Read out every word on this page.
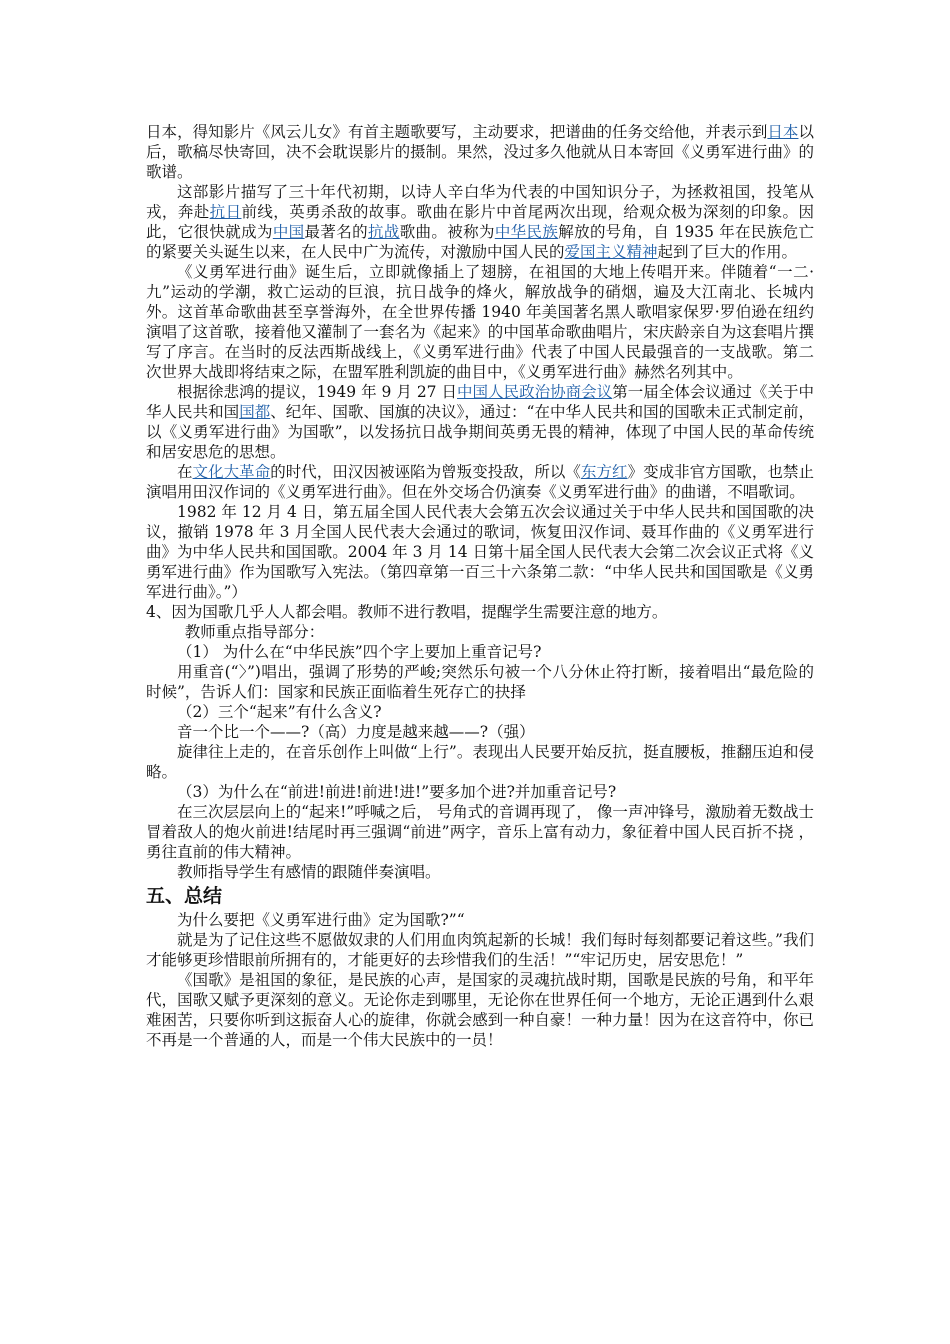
日本，得知影片《风云儿女》有首主题歌要写，主动要求，把谱曲的任务交给他，并表示到日本以后，歌稿尽快寄回，决不会耽误影片的摄制。果然，没过多久他就从日本寄回《义勇军进行曲》的歌谱。

这部影片描写了三十年代初期，以诗人辛白华为代表的中国知识分子，为拯救祖国，投笔从戎，奔赴抗日前线，英勇杀敌的故事。歌曲在影片中首尾两次出现，给观众极为深刻的印象。因此，它很快就成为中国最著名的抗战歌曲。被称为中华民族解放的号角，自 1935 年在民族危亡的紧要关头诞生以来，在人民中广为流传，对激励中国人民的爱国主义精神起到了巨大的作用。

《义勇军进行曲》诞生后，立即就像插上了翅膀，在祖国的大地上传唱开来。伴随着“一二·九”运动的学潮，救亡运动的巨浪，抗日战争的烽火，解放战争的硝烟，遍及大江南北、长城内外。这首革命歌曲甚至享誉海外，在全世界传播 1940 年美国著名黑人歌唱家保罗·罗伯逊在纽约演唱了这首歌，接着他又灌制了一套名为《起来》的中国革命歌曲唱片，宋庆龄亲自为这套唱片撰写了序言。在当时的反法西斯战线上，《义勇军进行曲》代表了中国人民最强音的一支战歌。第二次世界大战即将结束之际，在盟军胜利凯旋的曲目中，《义勇军进行曲》赫然名列其中。

根据徐悲鸿的提议，1949 年 9 月 27 日中国人民政治协商会议第一届全体会议通过《关于中华人民共和国国都、纪年、国歌、国旗的决议》，通过：“在中华人民共和国的国歌未正式制定前，以《义勇军进行曲》为国歌”，以发扬抗日战争期间英勇无畏的精神，体现了中国人民的革命传统和居安思危的思想。

在文化大革命的时代，田汉因被诬陷为曾叛变投敌，所以《东方红》变成非官方国歌，也禁止演唱用田汉作词的《义勇军进行曲》。但在外交场合仍演奏《义勇军进行曲》的曲谱，不唱歌词。

1982 年 12 月 4 日，第五届全国人民代表大会第五次会议通过关于中华人民共和国国歌的决议，撤销 1978 年 3 月全国人民代表大会通过的歌词，恢复田汉作词、聂耳作曲的《义勇军进行曲》为中华人民共和国国歌。2004 年 3 月 14 日第十届全国人民代表大会第二次会议正式将《义勇军进行曲》作为国歌写入宪法。（第四章第一百三十六条第二款：“中华人民共和国国歌是《义勇军进行曲》。”）

4、因为国歌几乎人人都会唱。教师不进行教唱，提醒学生需要注意的地方。

教师重点指导部分：

（1） 为什么在“中华民族”四个字上要加上重音记号?

用重音(“〉”)唱出，强调了形势的严峻;突然乐句被一个八分休止符打断，接着唱出“最危险的时候”，告诉人们：国家和民族正面临着生死存亡的抉择

（2）三个“起来”有什么含义?

音一个比一个——?（高）力度是越来越——?（强）

旋律往上走的，在音乐创作上叫做“上行”。表现出人民要开始反抗，挺直腰板，推翻压迫和侵略。

（3）为什么在“前进!前进!前进!进!”要多加个进?并加重音记号?

在三次层层向上的“起来!”呼喊之后， 号角式的音调再现了， 像一声冲锋号，激励着无数战士冒着敌人的炮火前进!结尾时再三强调“前进”两字，音乐上富有动力，象征着中国人民百折不挠 ，勇往直前的伟大精神。

教师指导学生有感情的跟随伴奏演唱。

五、总结

为什么要把《义勇军进行曲》定为国歌?”“

就是为了记住这些不愿做奴隶的人们用血肉筑起新的长城！我们每时每刻都要记着这些。”我们才能够更珍惜眼前所拥有的，才能更好的去珍惜我们的生活！”“牢记历史，居安思危！”

《国歌》是祖国的象征，是民族的心声，是国家的灵魂抗战时期，国歌是民族的号角，和平年代，国歌又赋予更深刻的意义。无论你走到哪里，无论你在世界任何一个地方，无论正遇到什么艰难困苦，只要你听到这振奋人心的旋律，你就会感到一种自豪！一种力量！因为在这音符中，你已不再是一个普通的人，而是一个伟大民族中的一员！
